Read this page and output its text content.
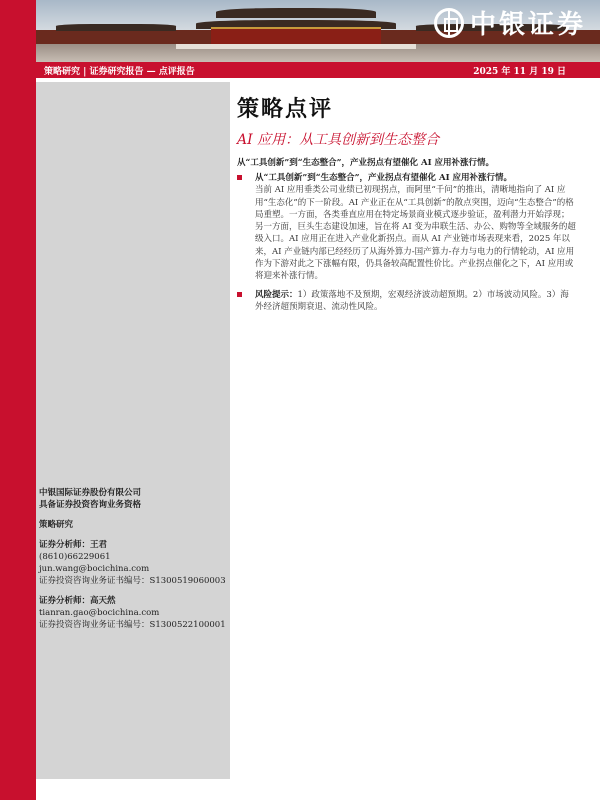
中银证券
策略研究 | 证券研究报告 — 点评报告	2025 年 11 月 19 日
中银国际证券股份有限公司
具备证券投资咨询业务资格
策略研究
证券分析师：王君
(8610)66229061
jun.wang@bocichina.com
证券投资咨询业务证书编号：S1300519060003
证券分析师：高天然
tianran.gao@bocichina.com
证券投资咨询业务证书编号：S1300522100001
策略点评
AI 应用：从工具创新到生态整合
从“工具创新”到“生态整合”，产业拐点有望催化 AI 应用补涨行情。
从“工具创新”到“生态整合”，产业拐点有望催化 AI 应用补涨行情。
当前 AI 应用垂类公司业绩已初现拐点，而阿里“千问”的推出，清晰地指向了 AI 应用“生态化”的下一阶段。AI 产业正在从“工具创新”的散点突围，迈向“生态整合”的格局重塑。一方面，各类垂直应用在特定场景商业模式逐步验证，盈利潜力开始浮现；另一方面，巨头生态建设加速，旨在将 AI 变为串联生活、办公、购物等全域服务的超级入口。AI 应用正在进入产业化新拐点。而从 AI 产业链市场表现来看，2025 年以来，AI 产业链内部已经经历了从海外算力-国产算力-存力与电力的行情轮动，AI 应用作为下游对此之下涨幅有限，仍具备较高配置性价比。产业拐点催化之下，AI 应用或将迎来补涨行情。
风险提示：1）政策落地不及预期，宏观经济波动超预期。2）市场波动风险。3）海外经济超预期衰退、流动性风险。
